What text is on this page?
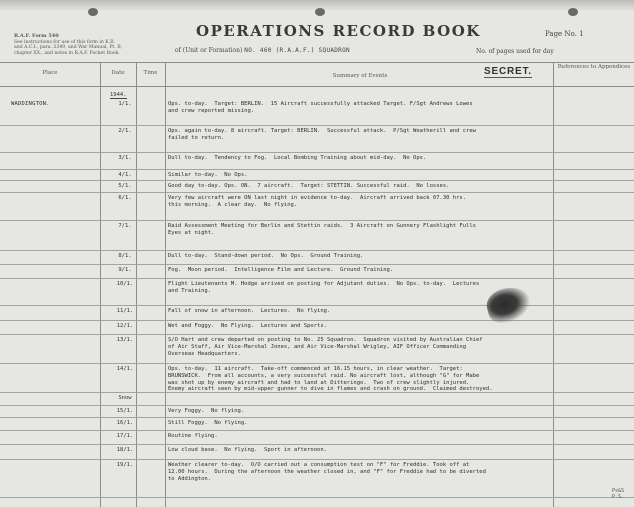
R.A.F. Form 540
See instructions for use of this form in K.R. and A.C.I., para. 2349, and War Manual, Pt. II, chapter XX., and notes in R.A.F. Pocket Book.
OPERATIONS RECORD BOOK
of (Unit or Formation) NO. 460 (R.A.A.F.) SQUADRON
Page No. 1
No. of pages used for day
Place	Date	Time	Summary of Events
References to Appendices
SECRET.
WADDINGTON.
1944.
1/1.	Ops. to-day.  Target: BERLIN.  15 Aircraft successfully attacked Target. F/Sgt Andrews Lowes
and crew reported missing.
2/1.	Ops. again to-day. 8 aircraft. Target: BERLIN.  Successful attack.  P/Sgt Weatherill and crew
failed to return.
3/1.	Dull to-day.  Tendency to Fog.  Local Bombing Training about mid-day.  No Ops.
4/1.	Similar to-day.  No Ops.
5/1.	Good day to-day. Ops. ON.  7 aircraft.  Target: STETTIN. Successful raid.  No losses.
6/1.	Very few aircraft were ON last night in evidence to-day.  Aircraft arrived back 07.30 hrs.
this morning.  A clear day.  No flying.
7/1.	Raid Assessment Meeting for Berlin and Stettin raids.  3 Aircraft on Gunnery Flashlight Fulls
Eyes at night.
8/1.	Dull to-day.  Stand-down period.  No Ops.  Ground Training.
9/1.	Fog.  Moon period.  Intelligence Film and Lecture.  Ground Training.
10/1.	Flight Lieutenants M. Hodge arrived on posting for Adjutant duties.  No Ops. to-day.  Lectures
and Training.
11/1.	Fall of snow in afternoon.  Lectures.  No flying.
12/1.	Wet and Foggy.  No Flying.  Lectures and Sports.
13/1.	S/O Hart and crew departed on posting to No. 25 Squadron.  Squadron visited by Australian Chief
of Air Staff, Air Vice-Marshal Jones, and Air Vice-Marshal Wrigley, AIF Officer Commanding
Overseas Headquarters.
14/1.	Ops. to-day.  11 aircraft.  Take-off commenced at 16.15 hours, in clear weather.  Target:
BRUNSWICK.  From all accounts, a very successful raid. No aircraft lost, although "G" for Mabe
was shot up by enemy aircraft and had to land at Ditteringo.  Two of crew slightly injured.
Enemy aircraft seen by mid-upper gunner to dive in flames and crash on ground.  Claimed destroyed.
Snow
15/1.	Very Foggy.  No flying.
16/1.	Still Foggy.  No flying.
17/1.	Routine flying.
18/1.	Low cloud base.  No flying.  Sport in afternoon.
19/1.	Weather clearer to-day.  O/O carried out a consumption test on "F" for Freddie. Took off at
12.00 hours.  During the afternoon the weather closed in, and "F" for Freddie had to be diverted
to Addington.
Ps&S
P.S.
